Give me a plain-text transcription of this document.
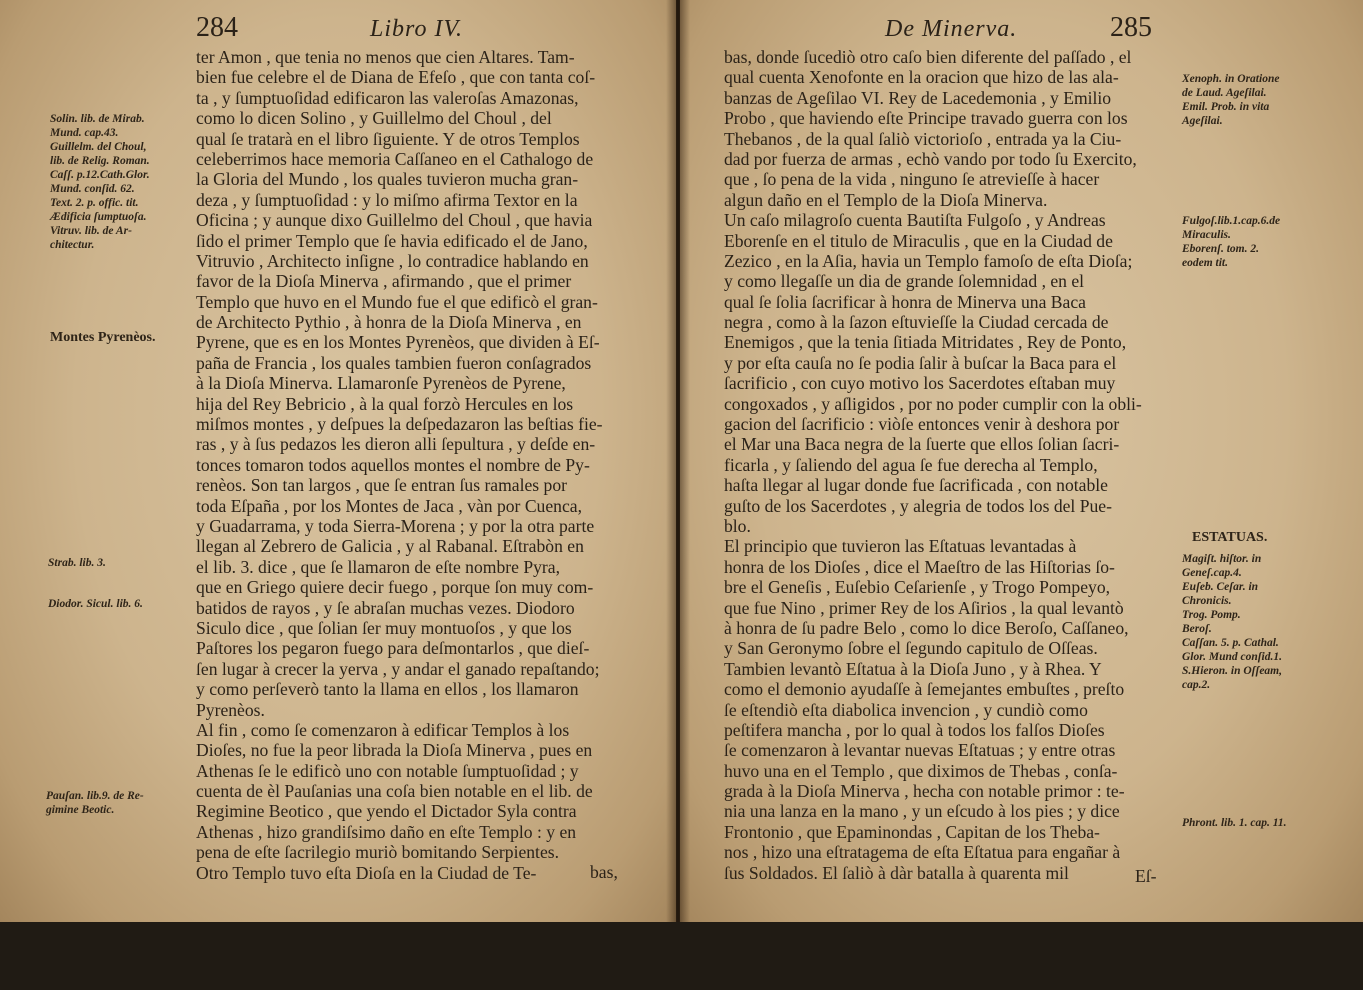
284	Libro IV.
ter Amon , que tenia no menos que cien Altares. Tam-
bien fue celebre el de Diana de Efeſo , que con tanta coſ-
ta , y ſumptuoſidad edificaron las valeroſas Amazonas,
como lo dicen Solino , y Guillelmo del Choul , del
qual ſe tratarà en el libro ſiguiente. Y de otros Templos
celeberrimos hace memoria Caſſaneo en el Cathalogo de
la Gloria del Mundo , los quales tuvieron mucha gran-
deza , y ſumptuoſidad : y lo miſmo afirma Textor en la
Oficina ; y aunque dixo Guillelmo del Choul , que havia
ſido el primer Templo que ſe havia edificado el de Jano,
Vitruvio , Architecto inſigne , lo contradice hablando en
favor de la Dioſa Minerva , afirmando , que el primer
Templo que huvo en el Mundo fue el que edificò el gran-
de Architecto Pythio , à honra de la Dioſa Minerva , en
Pyrene, que es en los Montes Pyrenèos, que dividen à Eſ-
paña de Francia , los quales tambien fueron conſagrados
à la Dioſa Minerva. Llamaronſe Pyrenèos de Pyrene,
hija del Rey Bebricio , à la qual forzò Hercules en los
miſmos montes , y deſpues la deſpedazaron las beſtias fie-
ras , y à ſus pedazos les dieron alli ſepultura , y deſde en-
tonces tomaron todos aquellos montes el nombre de Py-
renèos. Son tan largos , que ſe entran ſus ramales por
toda Eſpaña , por los Montes de Jaca , vàn por Cuenca,
y Guadarrama, y toda Sierra-Morena ; y por la otra parte
llegan al Zebrero de Galicia , y al Rabanal. Eſtrabòn en
el lib. 3. dice , que ſe llamaron de eſte nombre Pyra,
que en Griego quiere decir fuego , porque ſon muy com-
batidos de rayos , y ſe abraſan muchas vezes. Diodoro
Siculo dice , que ſolian ſer muy montuoſos , y que los
Paſtores los pegaron fuego para deſmontarlos , que dieſ-
ſen lugar à crecer la yerva , y andar el ganado repaſtando;
y como perſeverò tanto la llama en ellos , los llamaron
Pyrenèos.
Al fin , como ſe comenzaron à edificar Templos à los
Dioſes, no fue la peor librada la Dioſa Minerva , pues en
Athenas ſe le edificò uno con notable ſumptuoſidad ; y
cuenta de èl Pauſanias una coſa bien notable en el lib. de
Regimine Beotico , que yendo el Dictador Syla contra
Athenas , hizo grandiſsimo daño en eſte Templo : y en
pena de eſte ſacrilegio muriò bomitando Serpientes.
Otro Templo tuvo eſta Dioſa en la Ciudad de Te-	bas,
Solin. lib. de Mirab.
Mund. cap.43.
Guillelm. del Choul,
lib. de Relig. Roman.
Caſſ. p.12.Cath.Glor.
Mund. conſid. 62.
Text. 2. p. offic. tit.
Ædificia ſumptuoſa.
Vitruv. lib. de Ar-
chitectur.
Montes Pyrenèos.
Strab. lib. 3.
Diodor. Sicul. lib. 6.
Pauſan. lib.9. de Re-
gimine Beotic.
De Minerva.	285
bas, donde ſucediò otro caſo bien diferente del paſſado , el
qual cuenta Xenofonte en la oracion que hizo de las ala-
banzas de Ageſilao VI. Rey de Lacedemonia , y Emilio
Probo , que haviendo eſte Principe travado guerra con los
Thebanos , de la qual ſaliò victorioſo , entrada ya la Ciu-
dad por fuerza de armas , echò vando por todo ſu Exercito,
que , ſo pena de la vida , ninguno ſe atrevieſſe à hacer
algun daño en el Templo de la Dioſa Minerva.
Un caſo milagroſo cuenta Bautiſta Fulgoſo , y Andreas
Eborenſe en el titulo de Miraculis , que en la Ciudad de
Zezico , en la Aſia, havia un Templo famoſo de eſta Dioſa;
y como llegaſſe un dia de grande ſolemnidad , en el
qual ſe ſolia ſacrificar à honra de Minerva una Baca
negra , como à la ſazon eſtuvieſſe la Ciudad cercada de
Enemigos , que la tenia ſitiada Mitridates , Rey de Ponto,
y por eſta cauſa no ſe podia ſalir à buſcar la Baca para el
ſacrificio , con cuyo motivo los Sacerdotes eſtaban muy
congoxados , y aſligidos , por no poder cumplir con la obli-
gacion del ſacrificio : viòſe entonces venir à deshora por
el Mar una Baca negra de la ſuerte que ellos ſolian ſacri-
ficarla , y ſaliendo del agua ſe fue derecha al Templo,
haſta llegar al lugar donde fue ſacrificada , con notable
guſto de los Sacerdotes , y alegria de todos los del Pue-
blo.
El principio que tuvieron las Eſtatuas levantadas à
honra de los Dioſes , dice el Maeſtro de las Hiſtorias ſo-
bre el Geneſis , Euſebio Ceſarienſe , y Trogo Pompeyo,
que fue Nino , primer Rey de los Aſirios , la qual levantò
à honra de ſu padre Belo , como lo dice Beroſo, Caſſaneo,
y San Geronymo ſobre el ſegundo capitulo de Oſſeas.
Tambien levantò Eſtatua à la Dioſa Juno , y à Rhea. Y
como el demonio ayudaſſe à ſemejantes embuſtes , preſto
ſe eſtendiò eſta diabolica invencion , y cundiò como
peſtifera mancha , por lo qual à todos los falſos Dioſes
ſe comenzaron à levantar nuevas Eſtatuas ; y entre otras
huvo una en el Templo , que diximos de Thebas , conſa-
grada à la Dioſa Minerva , hecha con notable primor : te-
nia una lanza en la mano , y un eſcudo à los pies ; y dice
Frontonio , que Epaminondas , Capitan de los Theba-
nos , hizo una eſtratagema de eſta Eſtatua para engañar à
ſus Soldados. El ſaliò à dàr batalla à quarenta mil	Eſ-
Xenoph. in Oratione
de Laud. Ageſilai.
Emil. Prob. in vita
Ageſilai.
Fulgoſ.lib.1.cap.6.de
Miraculis.
Eborenſ. tom. 2.
eodem tit.
ESTATUAS.
Magiſt. hiſtor. in
Geneſ.cap.4.
Euſeb. Ceſar. in
Chronicis.
Trog. Pomp.
Beroſ.
Caſſan. 5. p. Cathal.
Glor. Mund conſid.1.
S.Hieron. in Oſſeam,
cap.2.
Phront. lib. 1. cap. 11.
